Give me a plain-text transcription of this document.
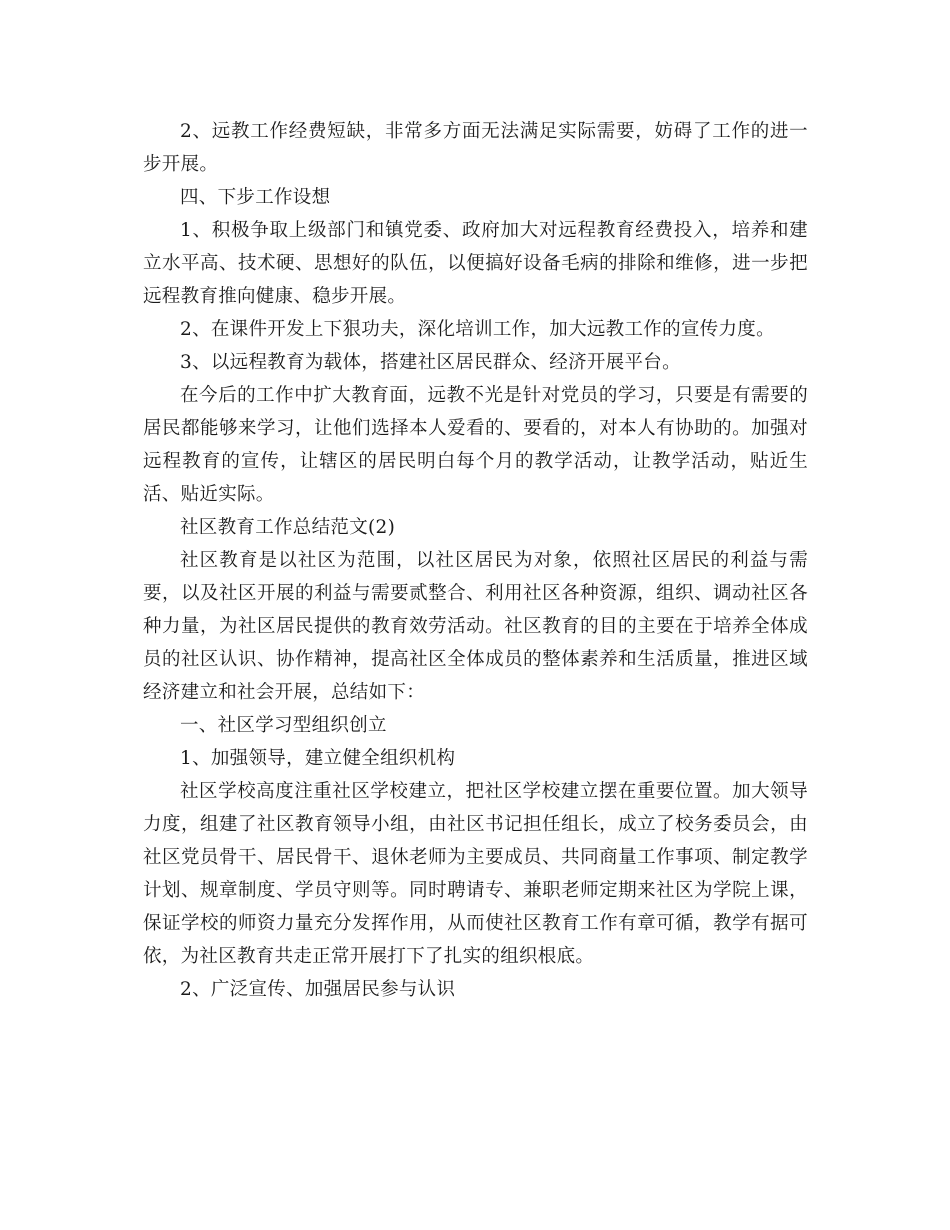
2、远教工作经费短缺，非常多方面无法满足实际需要，妨碍了工作的进一步开展。

四、下步工作设想

1、积极争取上级部门和镇党委、政府加大对远程教育经费投入，培养和建立水平高、技术硬、思想好的队伍，以便搞好设备毛病的排除和维修，进一步把远程教育推向健康、稳步开展。

2、在课件开发上下狠功夫，深化培训工作，加大远教工作的宣传力度。

3、以远程教育为载体，搭建社区居民群众、经济开展平台。

在今后的工作中扩大教育面，远教不光是针对党员的学习，只要是有需要的居民都能够来学习，让他们选择本人爱看的、要看的，对本人有协助的。加强对远程教育的宣传，让辖区的居民明白每个月的教学活动，让教学活动，贴近生活、贴近实际。

社区教育工作总结范文(2)

社区教育是以社区为范围，以社区居民为对象，依照社区居民的利益与需要，以及社区开展的利益与需要贰整合、利用社区各种资源，组织、调动社区各种力量，为社区居民提供的教育效劳活动。社区教育的目的主要在于培养全体成员的社区认识、协作精神，提高社区全体成员的整体素养和生活质量，推进区域经济建立和社会开展，总结如下：

一、社区学习型组织创立

1、加强领导，建立健全组织机构

社区学校高度注重社区学校建立，把社区学校建立摆在重要位置。加大领导力度，组建了社区教育领导小组，由社区书记担任组长，成立了校务委员会，由社区党员骨干、居民骨干、退休老师为主要成员、共同商量工作事项、制定教学计划、规章制度、学员守则等。同时聘请专、兼职老师定期来社区为学院上课，保证学校的师资力量充分发挥作用，从而使社区教育工作有章可循，教学有据可依，为社区教育共走正常开展打下了扎实的组织根底。

2、广泛宣传、加强居民参与认识
